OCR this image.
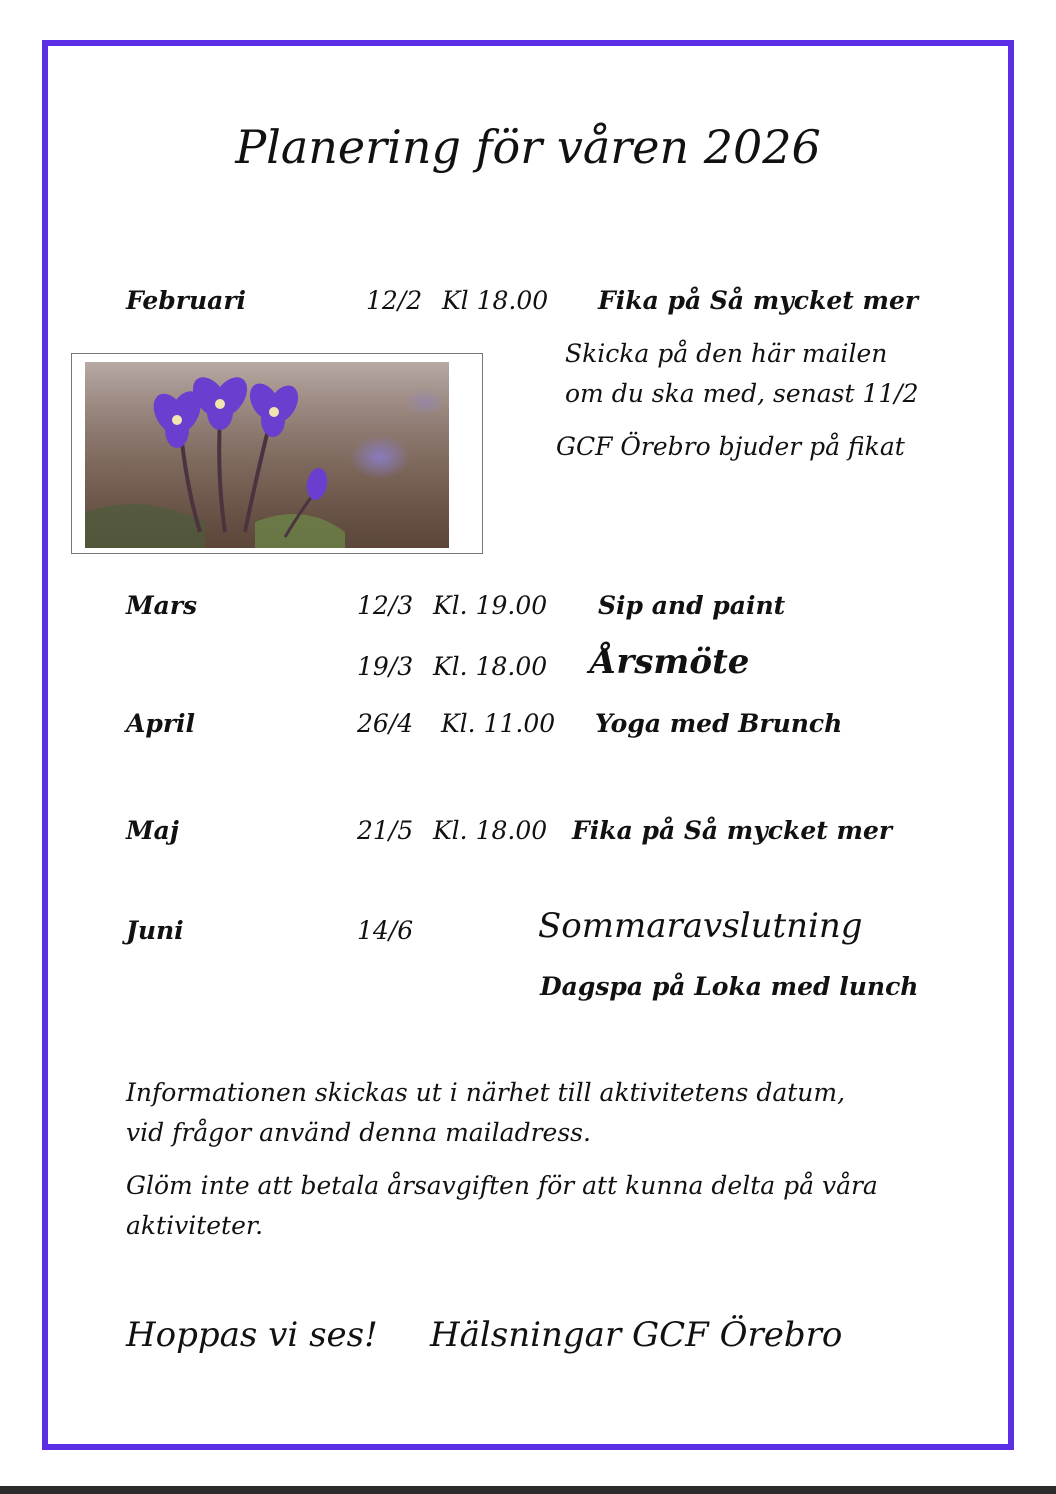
Planering för våren 2026
Februari	12/2 Kl 18.00 Fika på Så mycket mer
Skicka på den här mailen
om du ska med, senast 11/2
GCF Örebro bjuder på fikat
Mars	12/3 Kl. 19.00 Sip and paint
19/3 Kl. 18.00 Årsmöte
April	26/4 Kl. 11.00 Yoga med Brunch
Maj	21/5 Kl. 18.00 Fika på Så mycket mer
Juni	14/6	Sommaravslutning
Dagspa på Loka med lunch
Informationen skickas ut i närhet till aktivitetens datum,
vid frågor använd denna mailadress.
Glöm inte att betala årsavgiften för att kunna delta på våra
aktiviteter.
Hoppas vi ses! Hälsningar GCF Örebro
